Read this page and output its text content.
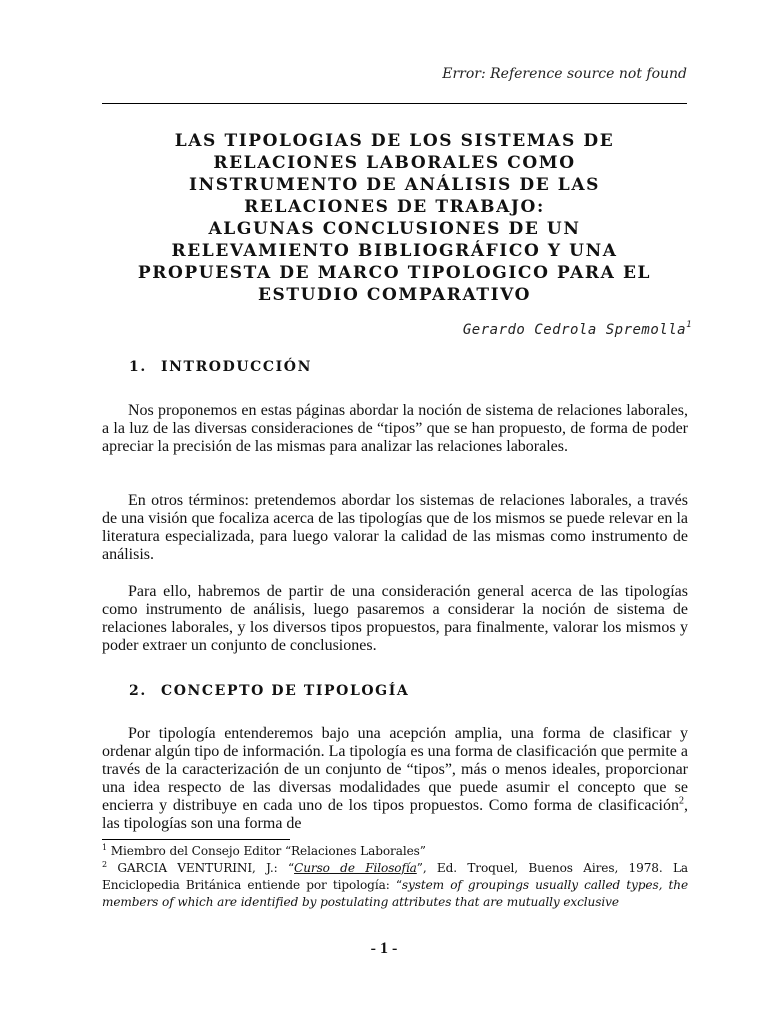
Error: Reference source not found
LAS TIPOLOGIAS DE LOS SISTEMAS DE
RELACIONES LABORALES COMO
INSTRUMENTO DE ANÁLISIS DE LAS
RELACIONES DE TRABAJO:
ALGUNAS CONCLUSIONES DE UN
RELEVAMIENTO BIBLIOGRÁFICO Y UNA
PROPUESTA DE MARCO TIPOLOGICO PARA EL
ESTUDIO COMPARATIVO
Gerardo Cedrola Spremolla$^1$
1. INTRODUCCIÓN

Nos proponemos en estas páginas abordar la noción de sistema de relaciones laborales, a la luz de las diversas consideraciones de “tipos” que se han propuesto, de forma de poder apreciar la precisión de las mismas para analizar las relaciones laborales.

En otros términos: pretendemos abordar los sistemas de relaciones laborales, a través de una visión que focaliza acerca de las tipologías que de los mismos se puede relevar en la literatura especializada, para luego valorar la calidad de las mismas como instrumento de análisis.

Para ello, habremos de partir de una consideración general acerca de las tipologías como instrumento de análisis, luego pasaremos a considerar la noción de sistema de relaciones laborales, y los diversos tipos propuestos, para finalmente, valorar los mismos y poder extraer un conjunto de conclusiones.

2. CONCEPTO DE TIPOLOGÍA

Por tipología entenderemos bajo una acepción amplia, una forma de clasificar y ordenar algún tipo de información. La tipología es una forma de clasificación que permite a través de la caracterización de un conjunto de “tipos”, más o menos ideales, proporcionar una idea respecto de las diversas modalidades que puede asumir el concepto que se encierra y distribuye en cada uno de los tipos propuestos. Como forma de clasificación$^2$, las tipologías son una forma de

$^1$ Miembro del Consejo Editor “Relaciones Laborales”

$^2$ GARCIA VENTURINI, J.: “Curso de Filosofía”, Ed. Troquel, Buenos Aires, 1978. La Enciclopedia Británica entiende por tipología: “system of groupings usually called types, the members of which are identified by postulating attributes that are mutually exclusive

- 1 -
